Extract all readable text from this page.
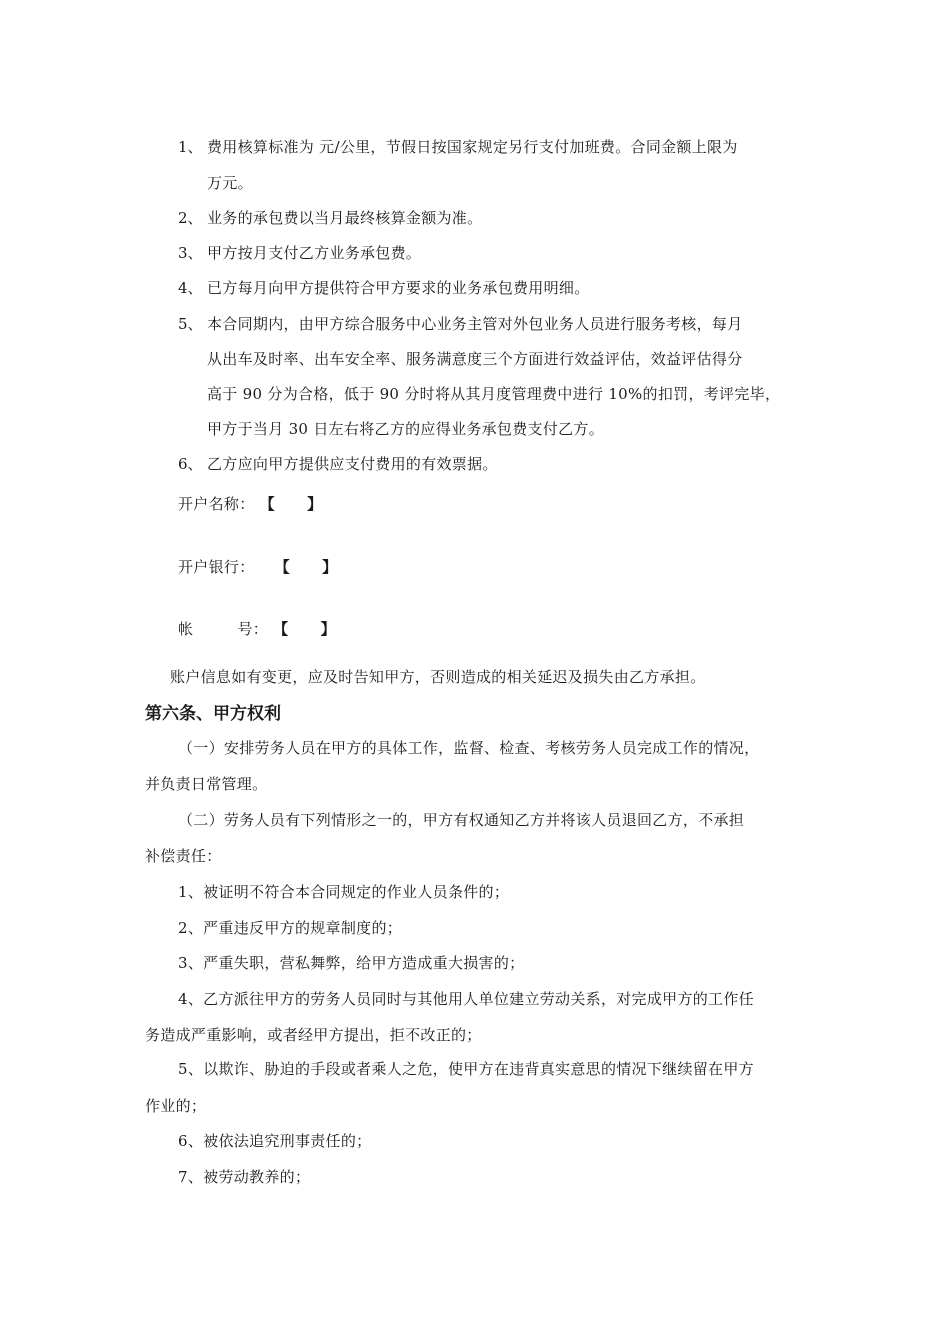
1、 费用核算标准为 元/公里，节假日按国家规定另行支付加班费。合同金额上限为
万元。
2、 业务的承包费以当月最终核算金额为准。
3、 甲方按月支付乙方业务承包费。
4、 已方每月向甲方提供符合甲方要求的业务承包费用明细。
5、 本合同期内，由甲方综合服务中心业务主管对外包业务人员进行服务考核，每月
从出车及时率、出车安全率、服务满意度三个方面进行效益评估，效益评估得分
高于 90 分为合格，低于 90 分时将从其月度管理费中进行 10%的扣罚，考评完毕，
甲方于当月 30 日左右将乙方的应得业务承包费支付乙方。
6、 乙方应向甲方提供应支付费用的有效票据。
开户名称： 【 】
开户银行： 【 】
帐	号： 【 】
账户信息如有变更，应及时告知甲方，否则造成的相关延迟及损失由乙方承担。
第六条、甲方权利
（一）安排劳务人员在甲方的具体工作，监督、检查、考核劳务人员完成工作的情况，
并负责日常管理。
（二）劳务人员有下列情形之一的，甲方有权通知乙方并将该人员退回乙方，不承担
补偿责任：
1、被证明不符合本合同规定的作业人员条件的；
2、严重违反甲方的规章制度的；
3、严重失职，营私舞弊，给甲方造成重大损害的；
4、乙方派往甲方的劳务人员同时与其他用人单位建立劳动关系，对完成甲方的工作任
务造成严重影响，或者经甲方提出，拒不改正的；
5、以欺诈、胁迫的手段或者乘人之危，使甲方在违背真实意思的情况下继续留在甲方
作业的；
6、被依法追究刑事责任的；
7、被劳动教养的；
